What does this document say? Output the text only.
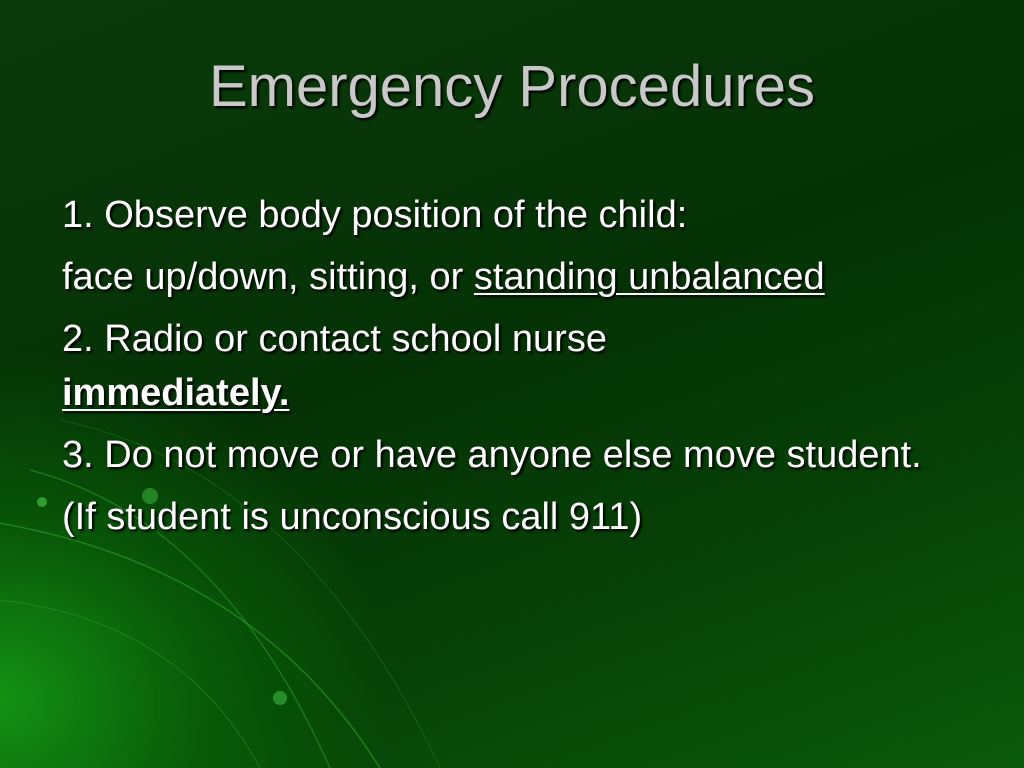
Emergency Procedures
1. Observe body position of the child:
face up/down, sitting, or standing unbalanced
2. Radio or contact school nurse
immediately.
3. Do not move or have anyone else move student.
(If student is unconscious call 911)
